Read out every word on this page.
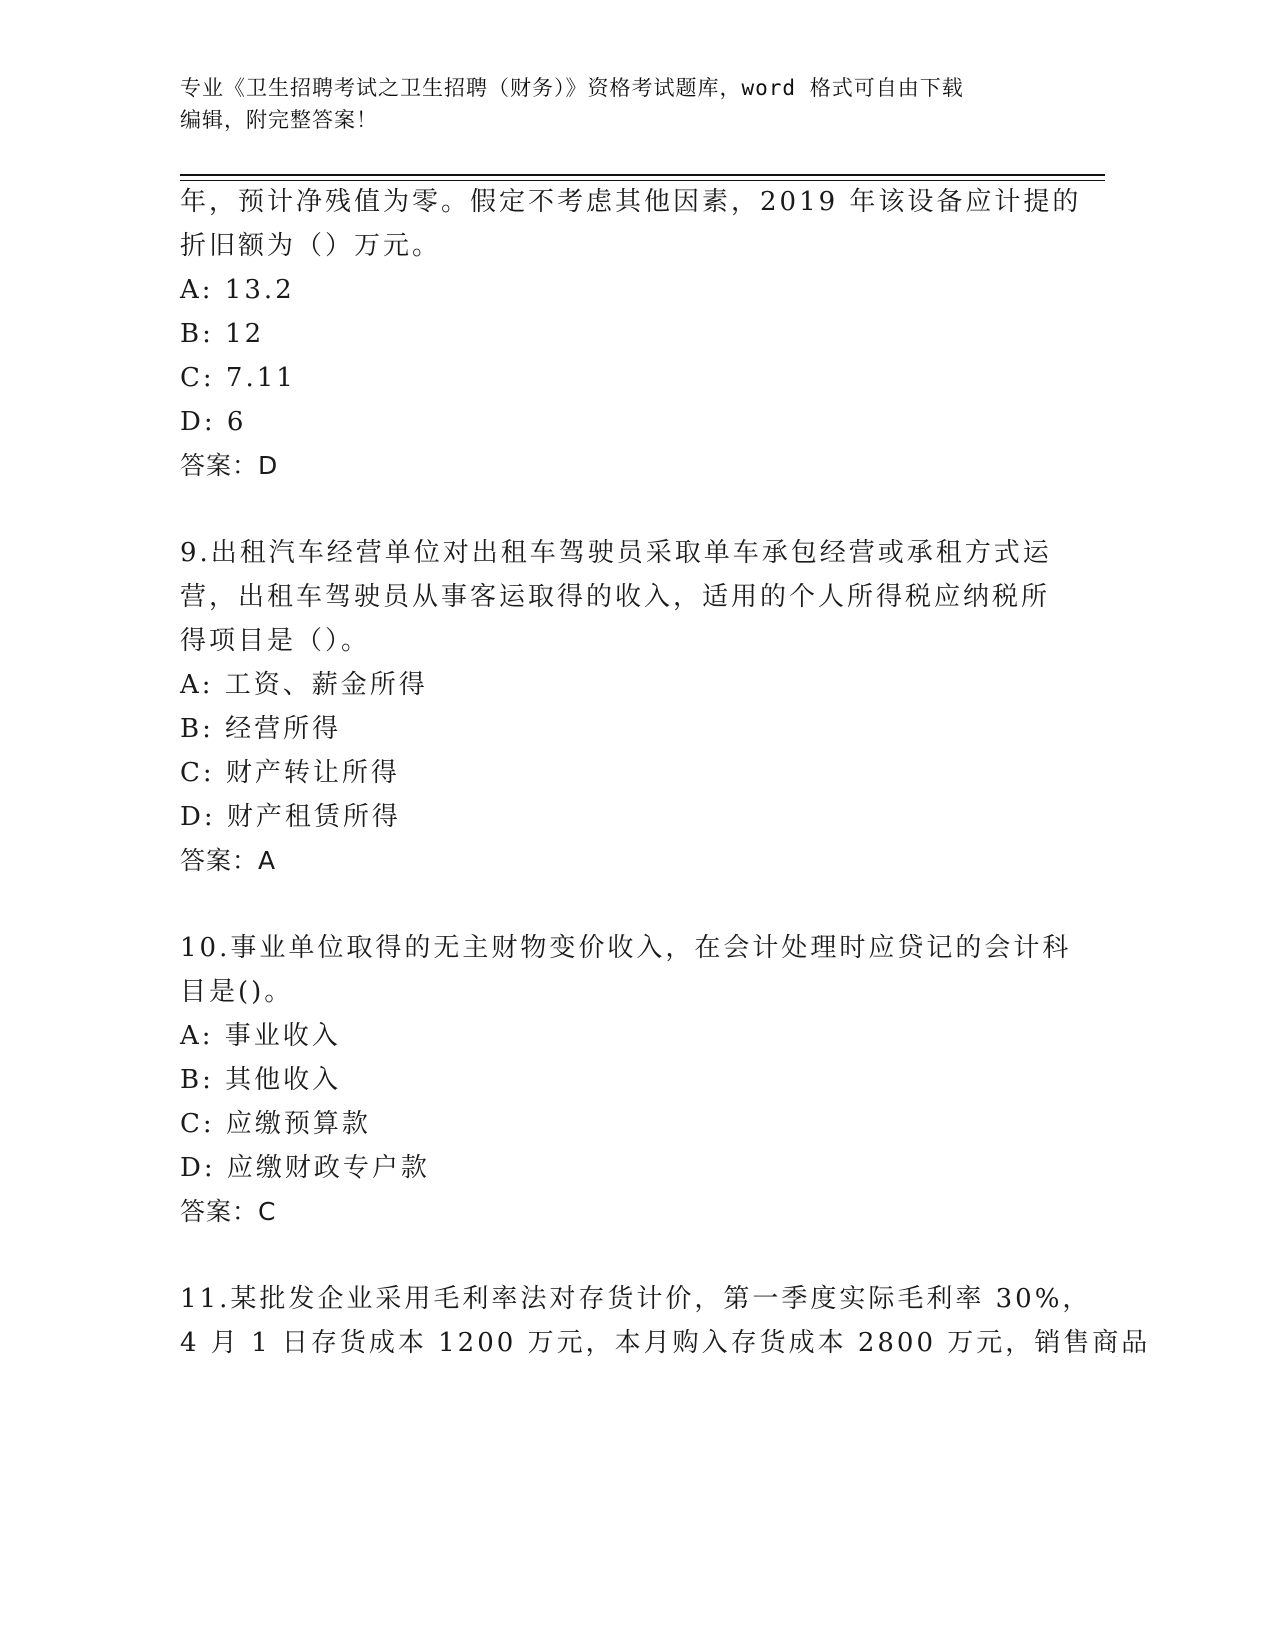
专业《卫生招聘考试之卫生招聘（财务）》资格考试题库，word 格式可自由下载
编辑，附完整答案！
年，预计净残值为零。假定不考虑其他因素，2019 年该设备应计提的
折旧额为（）万元。
A: 13.2
B: 12
C: 7.11
D: 6
答案：D
9.出租汽车经营单位对出租车驾驶员采取单车承包经营或承租方式运
营，出租车驾驶员从事客运取得的收入，适用的个人所得税应纳税所
得项目是（）。
A: 工资、薪金所得
B: 经营所得
C: 财产转让所得
D: 财产租赁所得
答案：A
10.事业单位取得的无主财物变价收入，在会计处理时应贷记的会计科
目是()。
A: 事业收入
B: 其他收入
C: 应缴预算款
D: 应缴财政专户款
答案：C
11.某批发企业采用毛利率法对存货计价，第一季度实际毛利率 30%，
4 月 1 日存货成本 1200 万元，本月购入存货成本 2800 万元，销售商品
